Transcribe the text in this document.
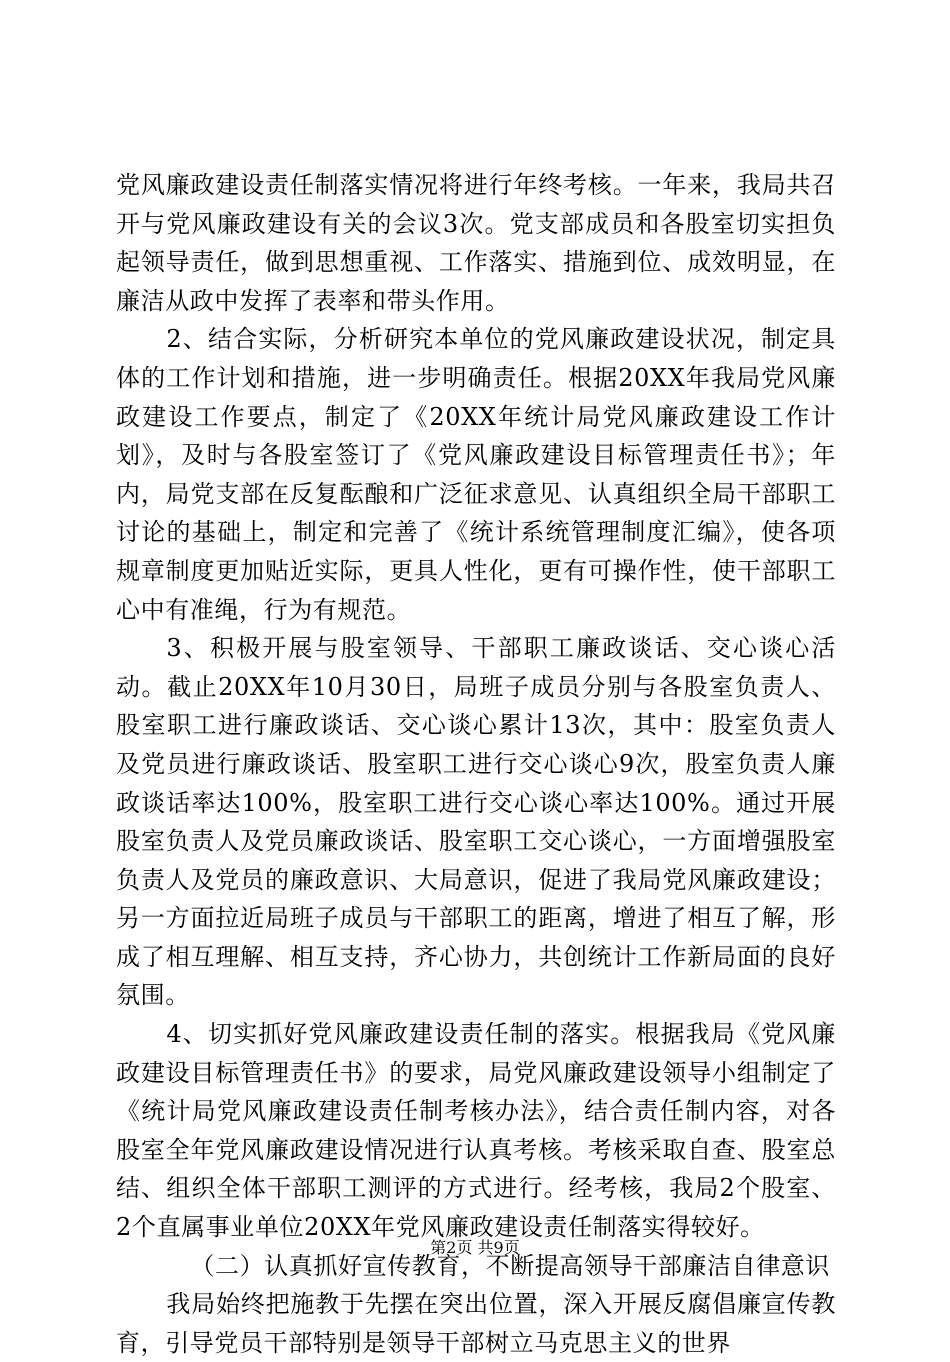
党风廉政建设责任制落实情况将进行年终考核。一年来，我局共召开与党风廉政建设有关的会议3次。党支部成员和各股室切实担负起领导责任，做到思想重视、工作落实、措施到位、成效明显，在廉洁从政中发挥了表率和带头作用。

2、结合实际，分析研究本单位的党风廉政建设状况，制定具体的工作计划和措施，进一步明确责任。根据20XX年我局党风廉政建设工作要点，制定了《20XX年统计局党风廉政建设工作计划》，及时与各股室签订了《党风廉政建设目标管理责任书》；年内，局党支部在反复酝酿和广泛征求意见、认真组织全局干部职工讨论的基础上，制定和完善了《统计系统管理制度汇编》，使各项规章制度更加贴近实际，更具人性化，更有可操作性，使干部职工心中有准绳，行为有规范。

3、积极开展与股室领导、干部职工廉政谈话、交心谈心活动。截止20XX年10月30日，局班子成员分别与各股室负责人、股室职工进行廉政谈话、交心谈心累计13次，其中：股室负责人及党员进行廉政谈话、股室职工进行交心谈心9次，股室负责人廉政谈话率达100%，股室职工进行交心谈心率达100%。通过开展股室负责人及党员廉政谈话、股室职工交心谈心，一方面增强股室负责人及党员的廉政意识、大局意识，促进了我局党风廉政建设；另一方面拉近局班子成员与干部职工的距离，增进了相互了解，形成了相互理解、相互支持，齐心协力，共创统计工作新局面的良好氛围。

4、切实抓好党风廉政建设责任制的落实。根据我局《党风廉政建设目标管理责任书》的要求，局党风廉政建设领导小组制定了《统计局党风廉政建设责任制考核办法》，结合责任制内容，对各股室全年党风廉政建设情况进行认真考核。考核采取自查、股室总结、组织全体干部职工测评的方式进行。经考核，我局2个股室、2个直属事业单位20XX年党风廉政建设责任制落实得较好。

（二）认真抓好宣传教育，不断提高领导干部廉洁自律意识

我局始终把施教于先摆在突出位置，深入开展反腐倡廉宣传教育，引导党员干部特别是领导干部树立马克思主义的世界

第2页 共9页
